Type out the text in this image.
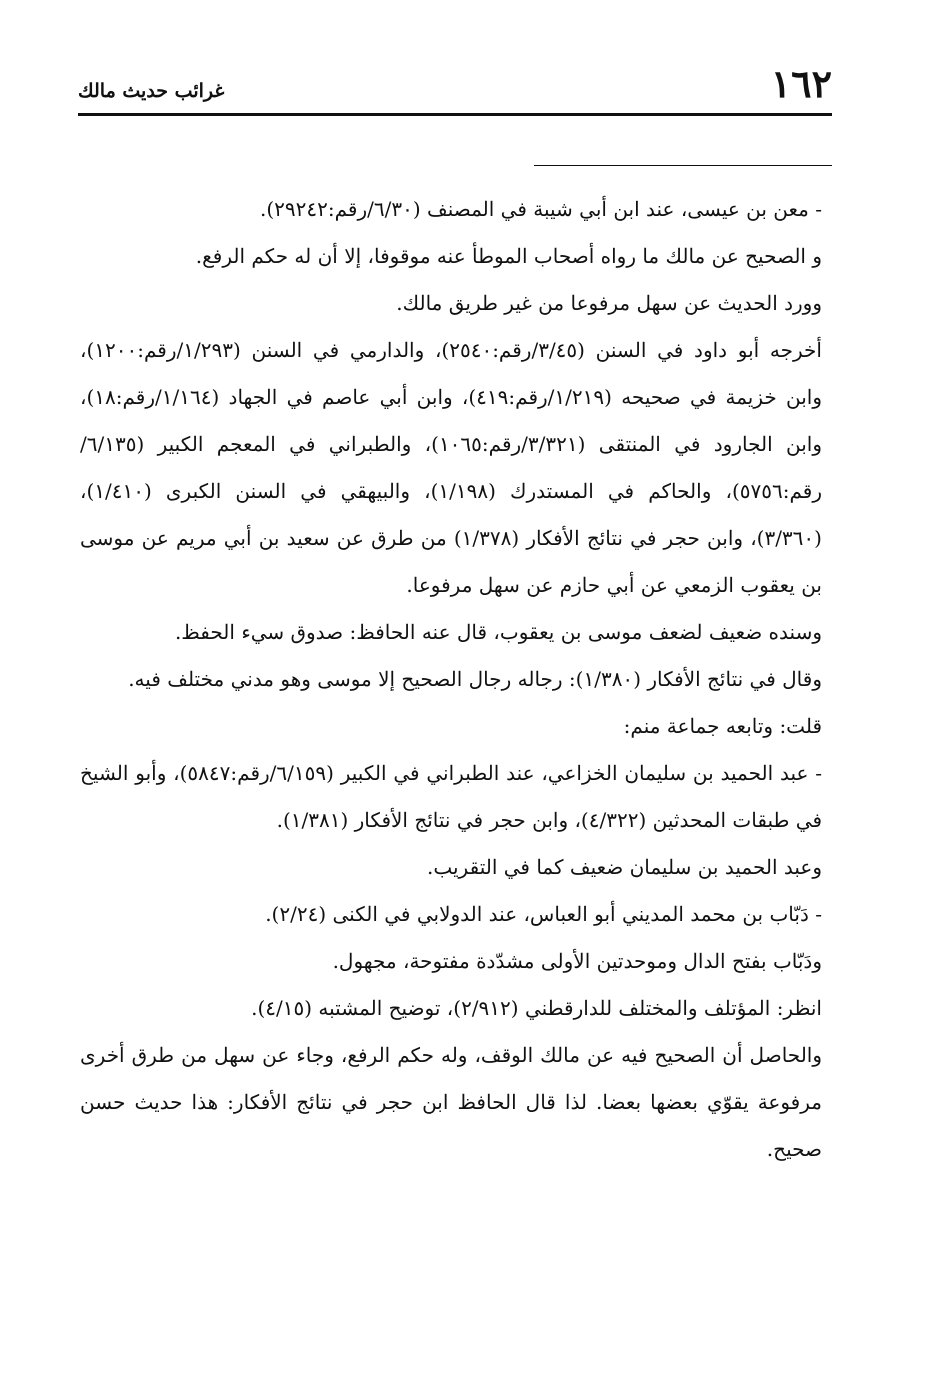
١٦٢
غرائب حديث مالك

- معن بن عيسى، عند ابن أبي شيبة في المصنف (٦/٣٠/رقم:٢٩٢٤٢).

و الصحيح عن مالك ما رواه أصحاب الموطأ عنه موقوفا، إلا أن له حكم الرفع.

وورد الحديث عن سهل مرفوعا من غير طريق مالك.

أخرجه أبو داود في السنن (٣/٤٥/رقم:٢٥٤٠)، والدارمي في السنن (١/٢٩٣/رقم:١٢٠٠)، وابن خزيمة في صحيحه (١/٢١٩/رقم:٤١٩)، وابن أبي عاصم في الجهاد (١/١٦٤/رقم:١٨)، وابن الجارود في المنتقى (٣/٣٢١/رقم:١٠٦٥)، والطبراني في المعجم الكبير (٦/١٣٥/رقم:٥٧٥٦)، والحاكم في المستدرك (١/١٩٨)، والبيهقي في السنن الكبرى (١/٤١٠)، (٣/٣٦٠)، وابن حجر في نتائج الأفكار (١/٣٧٨) من طرق عن سعيد بن أبي مريم عن موسى بن يعقوب الزمعي عن أبي حازم عن سهل مرفوعا.

وسنده ضعيف لضعف موسى بن يعقوب، قال عنه الحافظ: صدوق سيء الحفظ.

وقال في نتائج الأفكار (١/٣٨٠): رجاله رجال الصحيح إلا موسى وهو مدني مختلف فيه.

قلت: وتابعه جماعة منم:

- عبد الحميد بن سليمان الخزاعي، عند الطبراني في الكبير (٦/١٥٩/رقم:٥٨٤٧)، وأبو الشيخ في طبقات المحدثين (٤/٣٢٢)، وابن حجر في نتائج الأفكار (١/٣٨١).

وعبد الحميد بن سليمان ضعيف كما في التقريب.

- دَبّاب بن محمد المديني أبو العباس، عند الدولابي في الكنى (٢/٢٤).

ودَبّاب بفتح الدال وموحدتين الأولى مشدّدة مفتوحة، مجهول.

انظر: المؤتلف والمختلف للدارقطني (٢/٩١٢)، توضيح المشتبه (٤/١٥).

والحاصل أن الصحيح فيه عن مالك الوقف، وله حكم الرفع، وجاء عن سهل من طرق أخرى مرفوعة يقوّي بعضها بعضا. لذا قال الحافظ ابن حجر في نتائج الأفكار: هذا حديث حسن صحيح.
